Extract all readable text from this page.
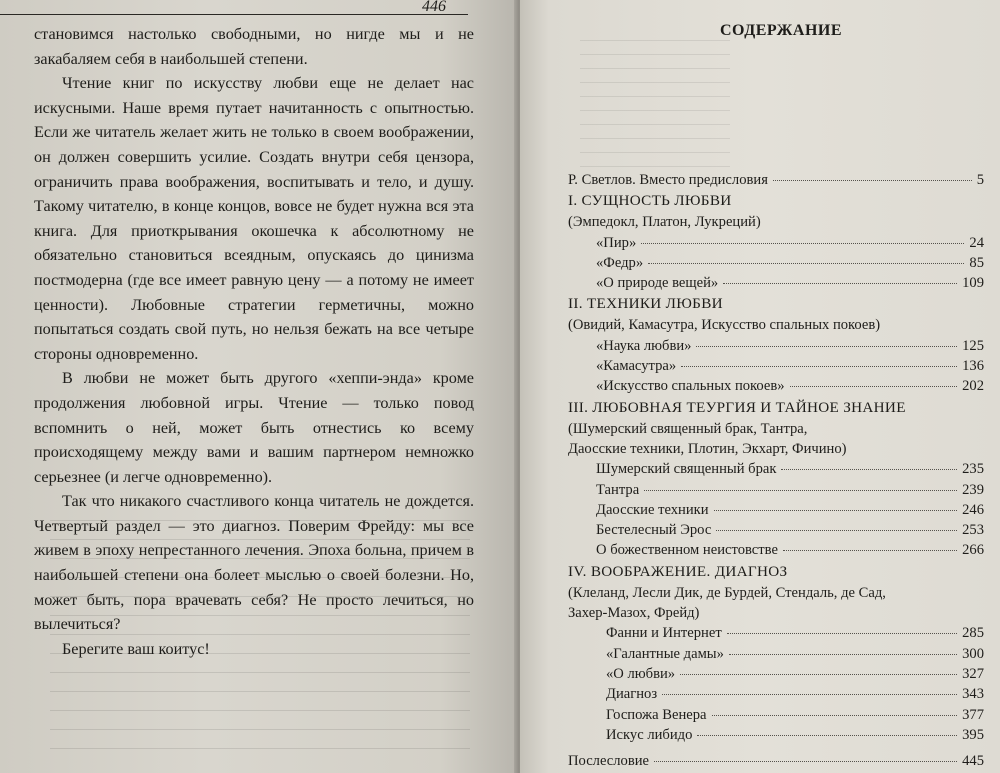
446

становимся настолько свободными, но нигде мы и не закабаляем себя в наибольшей степени.

Чтение книг по искусству любви еще не делает нас искусными. Наше время путает начитанность с опытностью. Если же читатель желает жить не только в своем воображении, он должен совершить усилие. Создать внутри себя цензора, ограничить права воображения, воспитывать и тело, и душу. Такому читателю, в конце концов, вовсе не будет нужна вся эта книга. Для приоткрывания окошечка к абсолютному не обязательно становиться всеядным, опускаясь до цинизма постмодерна (где все имеет равную цену — а потому не имеет ценности). Любовные стратегии герметичны, можно попытаться создать свой путь, но нельзя бежать на все четыре стороны одновременно.

В любви не может быть другого «хеппи-энда» кроме продолжения любовной игры. Чтение — только повод вспомнить о ней, может быть отнестись ко всему происходящему между вами и вашим партнером немножко серьезнее (и легче одновременно).

Так что никакого счастливого конца читатель не дождется. Четвертый раздел — это диагноз. Поверим Фрейду: мы все живем в эпоху непрестанного лечения. Эпоха больна, причем в наибольшей степени она болеет мыслью о своей болезни. Но, может быть, пора врачевать себя? Не просто лечиться, но вылечиться?

Берегите ваш коитус!

СОДЕРЖАНИЕ
Р. Светлов. Вместо предисловия	5
I. СУЩНОСТЬ ЛЮБВИ
(Эмпедокл, Платон, Лукреций)
«Пир»	24
«Федр»	85
«О природе вещей»	109
II. ТЕХНИКИ ЛЮБВИ
(Овидий, Камасутра, Искусство спальных покоев)
«Наука любви»	125
«Камасутра»	136
«Искусство спальных покоев»	202
III. ЛЮБОВНАЯ ТЕУРГИЯ И ТАЙНОЕ ЗНАНИЕ
(Шумерский священный брак, Тантра,
Даосские техники, Плотин, Экхарт, Фичино)
Шумерский священный брак	235
Тантра	239
Даосские техники	246
Бестелесный Эрос	253
О божественном неистовстве	266
IV. ВООБРАЖЕНИЕ. ДИАГНОЗ
(Клеланд, Лесли Дик, де Бурдей, Стендаль, де Сад,
Захер-Мазох, Фрейд)
Фанни и Интернет	285
«Галантные дамы»	300
«О любви»	327
Диагноз	343
Госпожа Венера	377
Искус либидо	395
Послесловие	445
